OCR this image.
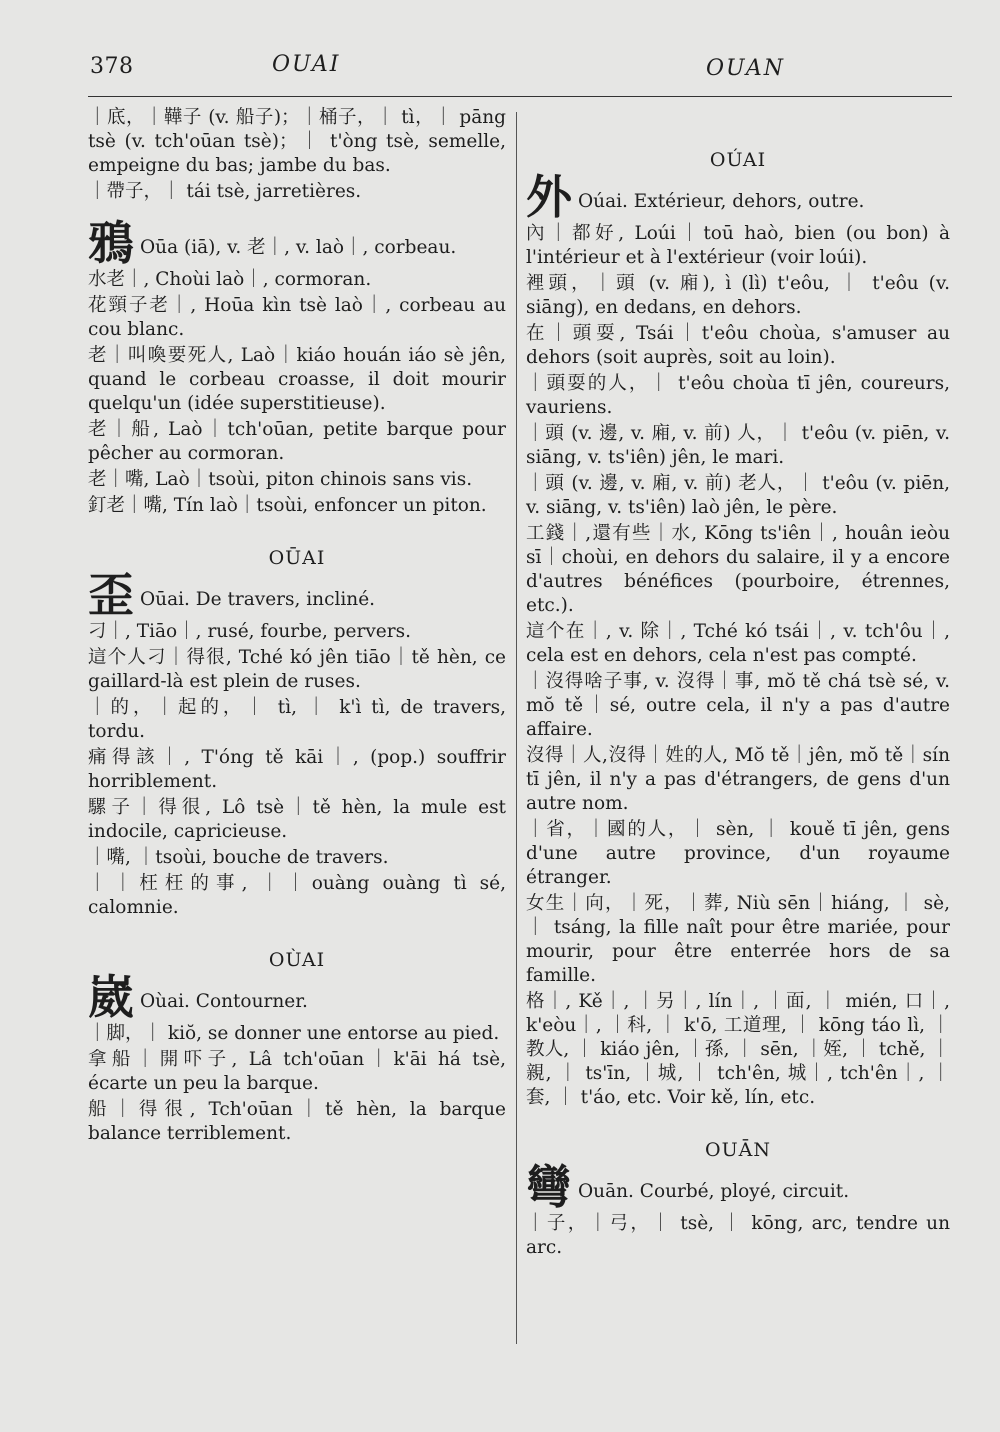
378	OUAI	OUAN

｜底，｜鞾子 (v. 船子)；｜桶子，｜ tì，｜ pāng tsè (v. tch'oūan tsè)；｜ t'òng tsè, semelle, empeigne du bas; jambe du bas.

｜帶子，｜ tái tsè, jarretières.

鴉 Oūa (iā), v. 老｜, v. laò｜, corbeau.

水老｜, Choùi laò｜, cormoran.

花頸子老｜, Hoūa kìn tsè laò｜, corbeau au cou blanc.

老｜叫喚要死人, Laò｜kiáo houán iáo sè jên, quand le corbeau croasse, il doit mourir quelqu'un (idée superstitieuse).

老｜船, Laò｜tch'oūan, petite barque pour pêcher au cormoran.

老｜嘴, Laò｜tsoùi, piton chinois sans vis.

釘老｜嘴, Tín laò｜tsoùi, enfoncer un piton.

OŪAI

歪 Oūai. De travers, incliné.

刁｜, Tiāo｜, rusé, fourbe, pervers.

這个人刁｜得很, Tché kó jên tiāo｜tě hèn, ce gaillard-là est plein de ruses.

｜的，｜起的，｜ tì, ｜ k'ì tì, de travers, tordu.

痛得該｜, T'óng tě kāi｜, (pop.) souffrir horriblement.

騾子｜得很, Lô tsè｜tě hèn, la mule est indocile, capricieuse.

｜嘴, ｜tsoùi, bouche de travers.

｜｜枉枉的事, ｜｜ouàng ouàng tì sé, calomnie.

OÙAI

崴 Oùai. Contourner.

｜脚，｜ kiŏ, se donner une entorse au pied.

拿船｜開吓子, Lâ tch'oūan｜k'āi há tsè, écarte un peu la barque.

船｜得很, Tch'oūan｜tě hèn, la barque balance terriblement.

OÚAI

外 Oúai. Extérieur, dehors, outre.

內｜都好, Loúi｜toū haò, bien (ou bon) à l'intérieur et à l'extérieur (voir loúi).

裡頭，｜頭 (v. 廂), ì (lì) t'eôu, ｜ t'eôu (v. siāng), en dedans, en dehors.

在｜頭耍, Tsái｜t'eôu choùa, s'amuser au dehors (soit auprès, soit au loin).

｜頭耍的人，｜ t'eôu choùa tī jên, coureurs, vauriens.

｜頭 (v. 邊, v. 廂, v. 前) 人，｜ t'eôu (v. piēn, v. siāng, v. ts'iên) jên, le mari.

｜頭 (v. 邊, v. 廂, v. 前) 老人，｜ t'eôu (v. piēn, v. siāng, v. ts'iên) laò jên, le père.

工錢｜,還有些｜水, Kōng ts'iên｜, houân ieòu sī｜choùi, en dehors du salaire, il y a encore d'autres bénéfices (pourboire, étrennes, etc.).

這个在｜, v. 除｜, Tché kó tsái｜, v. tch'ôu｜, cela est en dehors, cela n'est pas compté.

｜沒得啥子事, v. 沒得｜事, mŏ tě chá tsè sé, v. mŏ tě｜sé, outre cela, il n'y a pas d'autre affaire.

沒得｜人,沒得｜姓的人, Mŏ tě｜jên, mŏ tě｜sín tī jên, il n'y a pas d'étrangers, de gens d'un autre nom.

｜省，｜國的人，｜ sèn, ｜ kouě tī jên, gens d'une autre province, d'un royaume étranger.

女生｜向，｜死，｜葬, Niù sēn｜hiáng, ｜ sè, ｜ tsáng, la fille naît pour être mariée, pour mourir, pour être enterrée hors de sa famille.

格｜, Kě｜, ｜另｜, lín｜, ｜面, ｜ mién, 口｜, k'eòu｜, ｜科, ｜ k'ō, 工道理, ｜ kōng táo lì, ｜教人, ｜ kiáo jên, ｜孫, ｜ sēn, ｜姪, ｜ tchě, ｜親, ｜ ts'īn, ｜城, ｜ tch'ên, 城｜, tch'ên｜, ｜套, ｜ t'áo, etc. Voir kě, lín, etc.

OUĀN

彎 Ouān. Courbé, ployé, circuit.

｜子，｜弓，｜ tsè, ｜ kōng, arc, tendre un arc.
